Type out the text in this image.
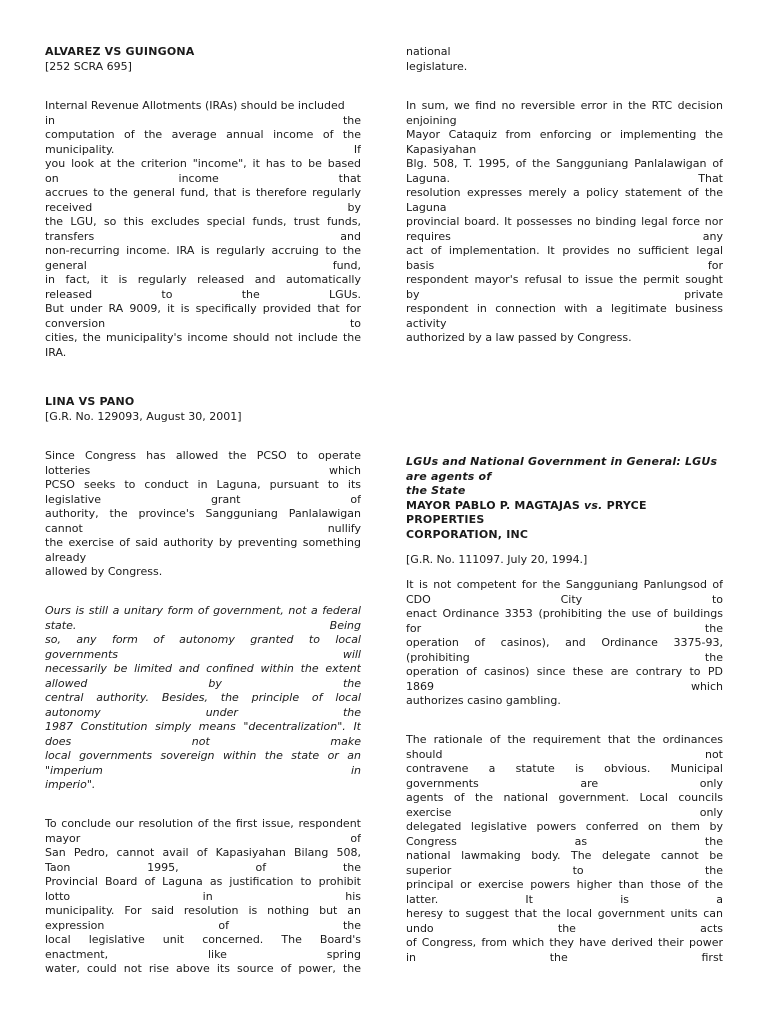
ALVAREZ VS GUINGONA
[252 SCRA 695]
Internal Revenue Allotments (IRAs) should be included
in the
computation of the average annual income of the
municipality. If
you look at the criterion "income", it has to be based
on income that
accrues to the general fund, that is therefore regularly
received by
the LGU, so this excludes special funds, trust funds,
transfers and
non-recurring income. IRA is regularly accruing to the
general fund,
in fact, it is regularly released and automatically
released to the LGUs.
But under RA 9009, it is specifically provided that for
conversion to
cities, the municipality's income should not include the
IRA.
LINA VS PANO
[G.R. No. 129093, August 30, 2001]
Since Congress has allowed the PCSO to operate
lotteries which
PCSO seeks to conduct in Laguna, pursuant to its
legislative grant of
authority, the province's Sangguniang Panlalawigan
cannot nullify
the exercise of said authority by preventing something
already
allowed by Congress.
Ours is still a unitary form of government, not a federal
state. Being
so, any form of autonomy granted to local
governments will
necessarily be limited and confined within the extent
allowed by the
central authority. Besides, the principle of local
autonomy under the
1987 Constitution simply means "decentralization". It
does not make
local governments sovereign within the state or an
"imperium in
imperio".
To conclude our resolution of the first issue, respondent
mayor of
San Pedro, cannot avail of Kapasiyahan Bilang 508,
Taon 1995, of the
Provincial Board of Laguna as justification to prohibit
lotto in his
municipality. For said resolution is nothing but an
expression of the
local legislative unit concerned. The Board's
enactment, like spring
water, could not rise above its source of power, the
national
legislature.
In sum, we find no reversible error in the RTC decision
enjoining
Mayor Cataquiz from enforcing or implementing the
Kapasiyahan
Blg. 508, T. 1995, of the Sangguniang Panlalawigan of
Laguna. That
resolution expresses merely a policy statement of the
Laguna
provincial board. It possesses no binding legal force nor
requires any
act of implementation. It provides no sufficient legal
basis for
respondent mayor's refusal to issue the permit sought
by private
respondent in connection with a legitimate business
activity
authorized by a law passed by Congress.
LGUs and National Government in General: LGUs
are agents of
the State
MAYOR PABLO P. MAGTAJAS vs. PRYCE
PROPERTIES
CORPORATION, INC
[G.R. No. 111097. July 20, 1994.]
It is not competent for the Sangguniang Panlungsod of
CDO City to
enact Ordinance 3353 (prohibiting the use of buildings
for the
operation of casinos), and Ordinance 3375-93,
(prohibiting the
operation of casinos) since these are contrary to PD
1869 which
authorizes casino gambling.
The rationale of the requirement that the ordinances
should not
contravene a statute is obvious. Municipal
governments are only
agents of the national government. Local councils
exercise only
delegated legislative powers conferred on them by
Congress as the
national lawmaking body. The delegate cannot be
superior to the
principal or exercise powers higher than those of the
latter. It is a
heresy to suggest that the local government units can
undo the acts
of Congress, from which they have derived their power
in the first
